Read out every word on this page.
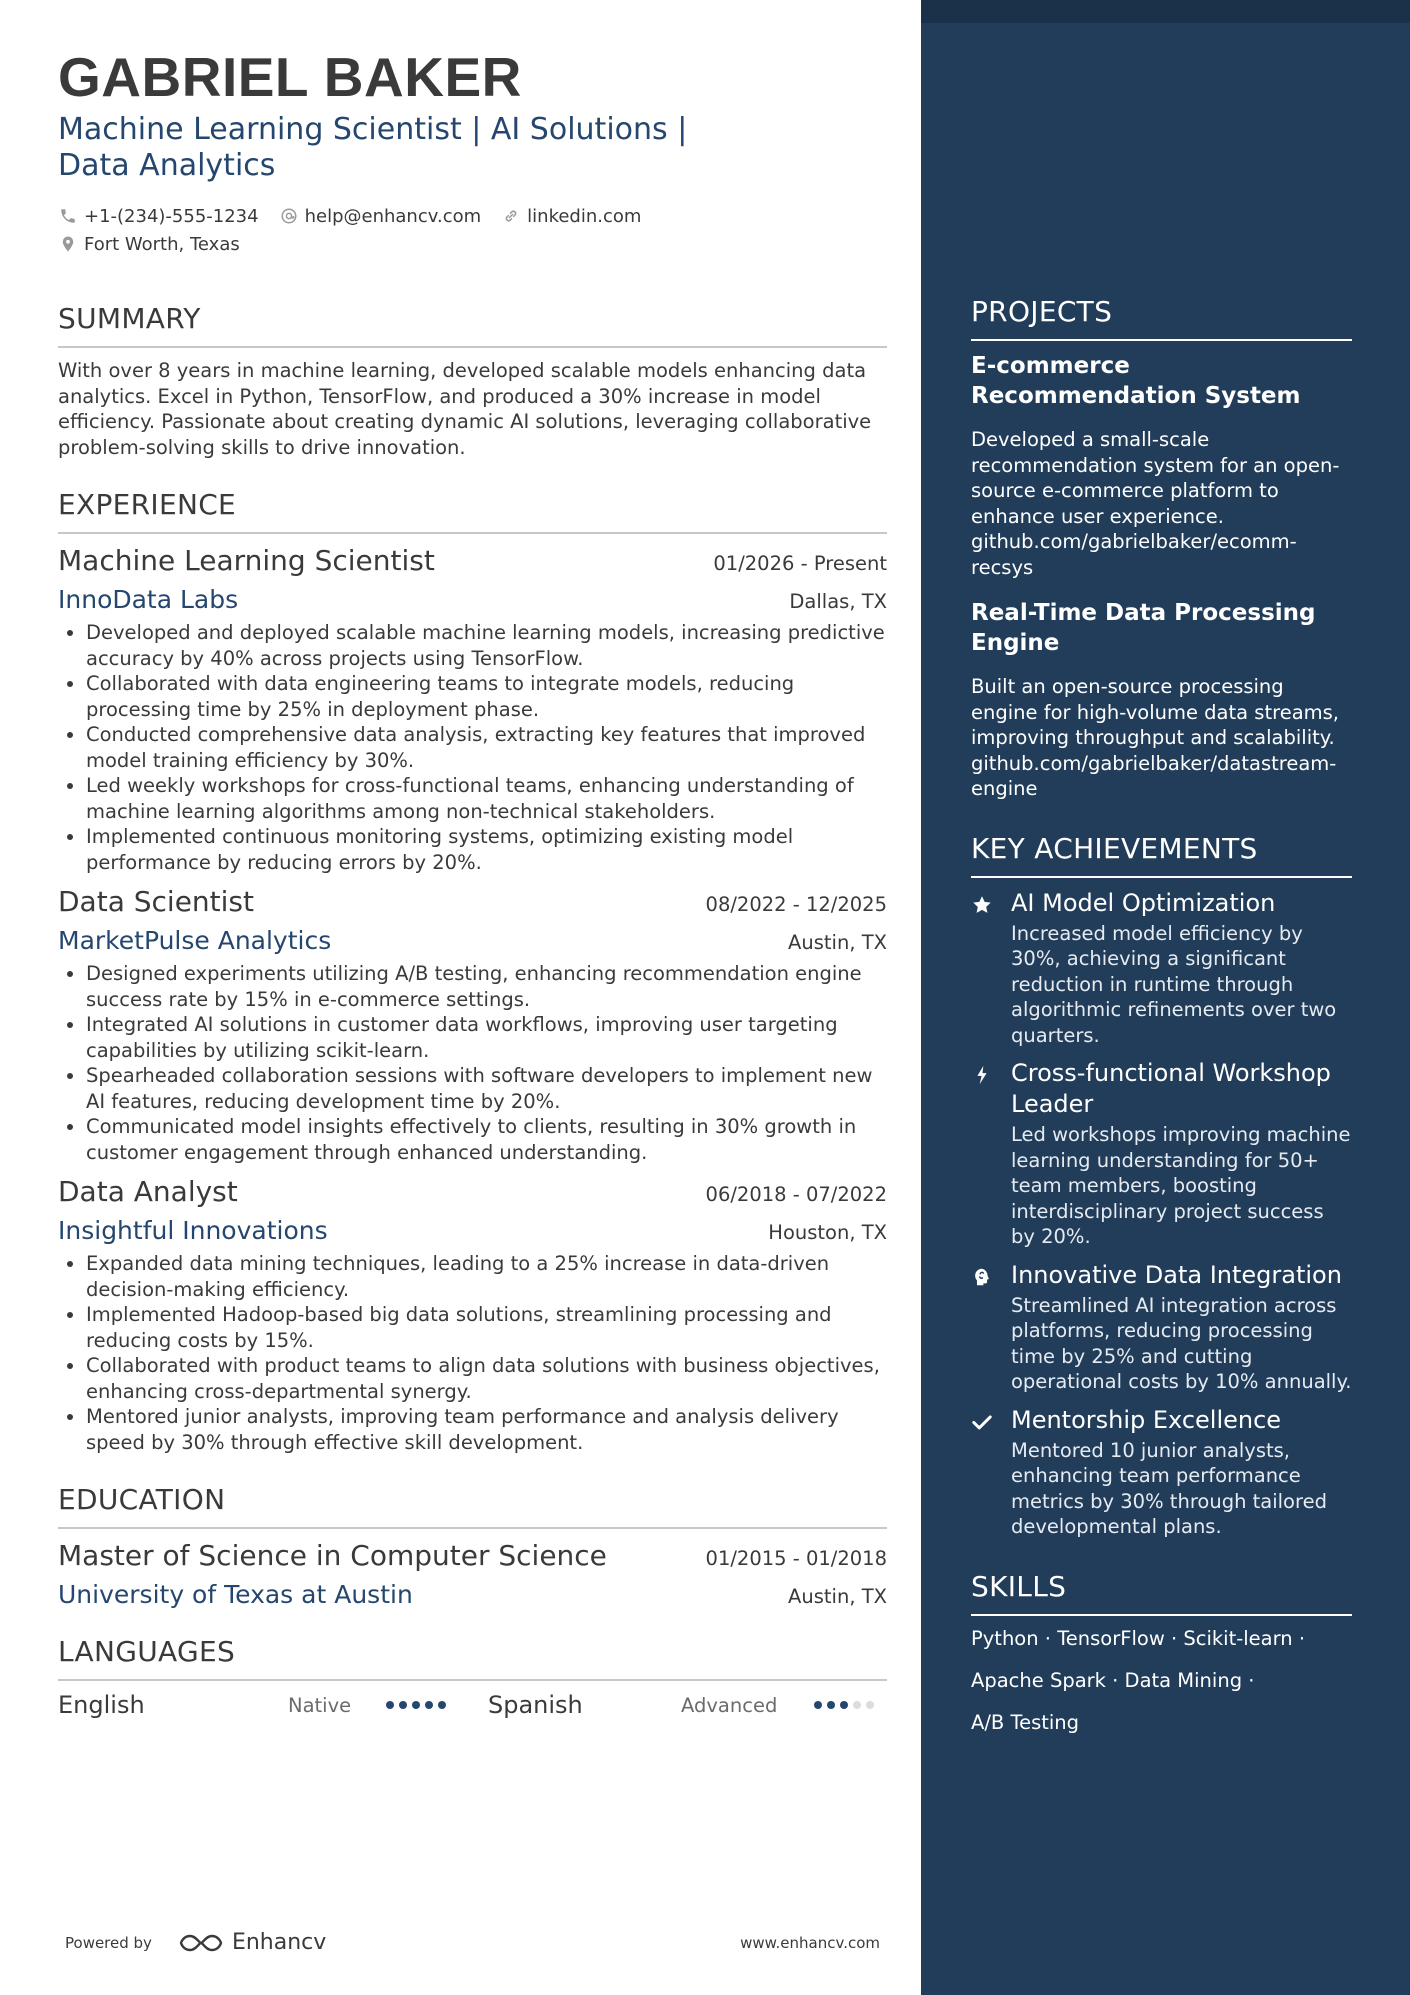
GABRIEL BAKER
Machine Learning Scientist | AI Solutions | Data Analytics
+1-(234)-555-1234	help@enhancv.com	linkedin.com
Fort Worth, Texas
SUMMARY
With over 8 years in machine learning, developed scalable models enhancing data analytics. Excel in Python, TensorFlow, and produced a 30% increase in model efficiency. Passionate about creating dynamic AI solutions, leveraging collaborative problem-solving skills to drive innovation.
EXPERIENCE
Machine Learning Scientist	01/2026 - Present
InnoData Labs	Dallas, TX
• Developed and deployed scalable machine learning models, increasing predictive accuracy by 40% across projects using TensorFlow.
• Collaborated with data engineering teams to integrate models, reducing processing time by 25% in deployment phase.
• Conducted comprehensive data analysis, extracting key features that improved model training efficiency by 30%.
• Led weekly workshops for cross-functional teams, enhancing understanding of machine learning algorithms among non-technical stakeholders.
• Implemented continuous monitoring systems, optimizing existing model performance by reducing errors by 20%.
Data Scientist	08/2022 - 12/2025
MarketPulse Analytics	Austin, TX
• Designed experiments utilizing A/B testing, enhancing recommendation engine success rate by 15% in e-commerce settings.
• Integrated AI solutions in customer data workflows, improving user targeting capabilities by utilizing scikit-learn.
• Spearheaded collaboration sessions with software developers to implement new AI features, reducing development time by 20%.
• Communicated model insights effectively to clients, resulting in 30% growth in customer engagement through enhanced understanding.
Data Analyst	06/2018 - 07/2022
Insightful Innovations	Houston, TX
• Expanded data mining techniques, leading to a 25% increase in data-driven decision-making efficiency.
• Implemented Hadoop-based big data solutions, streamlining processing and reducing costs by 15%.
• Collaborated with product teams to align data solutions with business objectives, enhancing cross-departmental synergy.
• Mentored junior analysts, improving team performance and analysis delivery speed by 30% through effective skill development.
EDUCATION
Master of Science in Computer Science	01/2015 - 01/2018
University of Texas at Austin	Austin, TX
LANGUAGES
English	Native	Spanish	Advanced
PROJECTS
E-commerce Recommendation System
Developed a small-scale recommendation system for an open-source e-commerce platform to enhance user experience. github.com/gabrielbaker/ecomm-recsys
Real-Time Data Processing Engine
Built an open-source processing engine for high-volume data streams, improving throughput and scalability. github.com/gabrielbaker/datastream-engine
KEY ACHIEVEMENTS
AI Model Optimization
Increased model efficiency by 30%, achieving a significant reduction in runtime through algorithmic refinements over two quarters.
Cross-functional Workshop Leader
Led workshops improving machine learning understanding for 50+ team members, boosting interdisciplinary project success by 20%.
Innovative Data Integration
Streamlined AI integration across platforms, reducing processing time by 25% and cutting operational costs by 10% annually.
Mentorship Excellence
Mentored 10 junior analysts, enhancing team performance metrics by 30% through tailored developmental plans.
SKILLS
Python · TensorFlow · Scikit-learn ·
Apache Spark · Data Mining ·
A/B Testing
Powered by	Enhancv	www.enhancv.com
